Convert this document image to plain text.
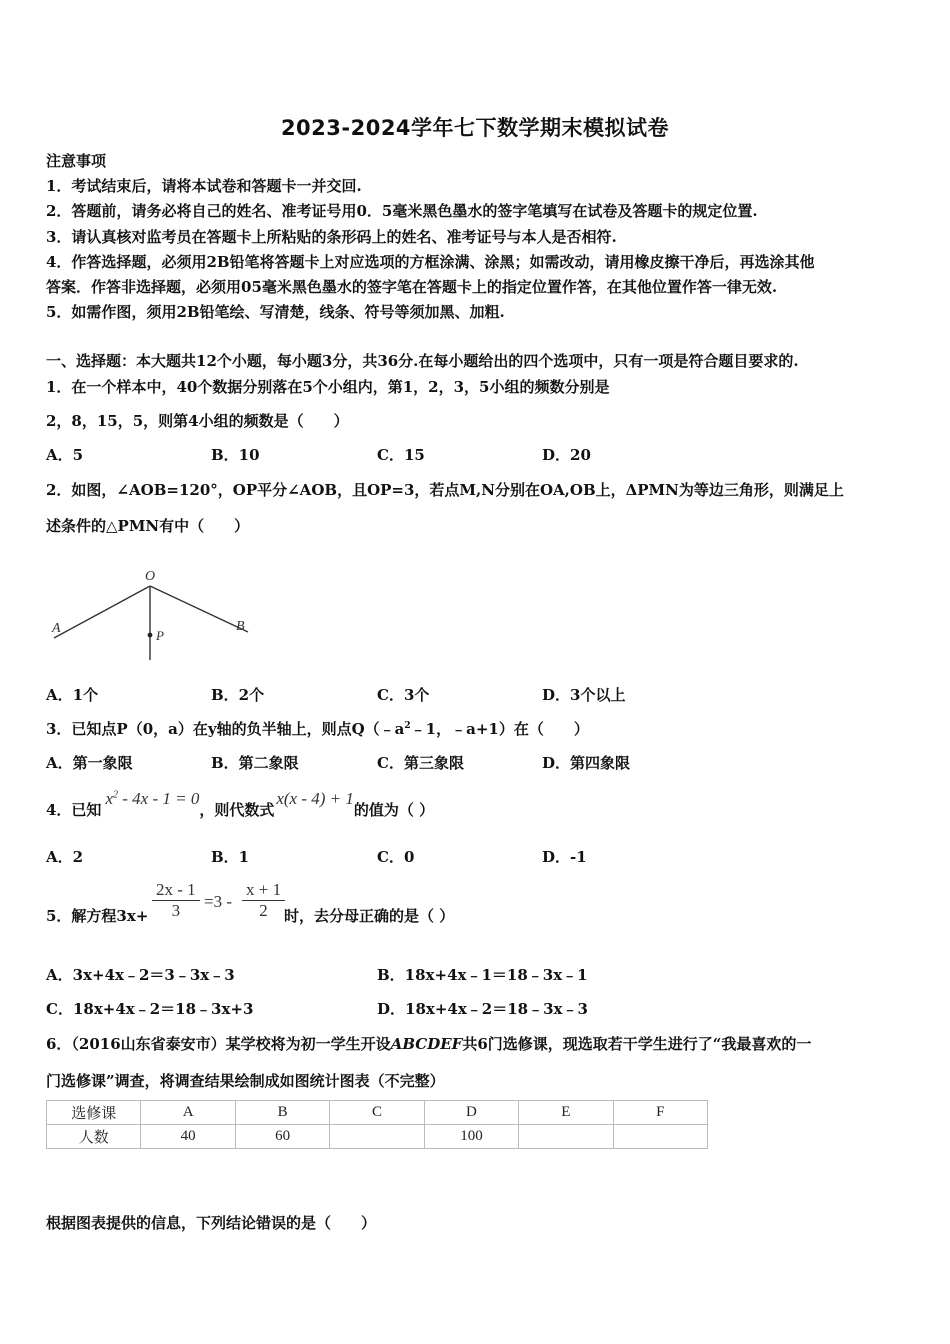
2023-2024学年七下数学期末模拟试卷
注意事项
1．考试结束后，请将本试卷和答题卡一并交回.
2．答题前，请务必将自己的姓名、准考证号用0．5毫米黑色墨水的签字笔填写在试卷及答题卡的规定位置.
3．请认真核对监考员在答题卡上所粘贴的条形码上的姓名、准考证号与本人是否相符.
4．作答选择题，必须用2B铅笔将答题卡上对应选项的方框涂满、涂黑；如需改动，请用橡皮擦干净后，再选涂其他
答案．作答非选择题，必须用05毫米黑色墨水的签字笔在答题卡上的指定位置作答，在其他位置作答一律无效.
5．如需作图，须用2B铅笔绘、写清楚，线条、符号等须加黑、加粗.
一、选择题：本大题共12个小题，每小题3分，共36分.在每小题给出的四个选项中，只有一项是符合题目要求的.
1．在一个样本中，40个数据分别落在5个小组内，第1，2，3，5小组的频数分别是
2，8，15，5，则第4小组的频数是（　　）
A．5	B．10	C．15	D．20
2．如图，∠AOB=120°，OP平分∠AOB，且OP=3，若点M,N分别在OA,OB上，ΔPMN为等边三角形，则满足上
述条件的△PMN有中（　　）
O
A	B
P
A．1个	B．2个	C．3个	D．3个以上
3．已知点P（0，a）在y轴的负半轴上，则点$Q(﹣a^2﹣1$，﹣a+1）在（　　）
A．第一象限	B．第二象限	C．第三象限	D．第四象限
4．已知$x^2 - 4x - 1 = 0$，则代数式x(x - 4) + 1的值为（ ）
A．2	B．1	C．0	D．-1
5．解方程$3x+ \frac{2x - 1}{3} =3 - \frac{x + 1}{2}$
时，去分母正确的是（ ）
A．3x+4x﹣2＝3﹣3x﹣3	B．18x+4x﹣1＝18﹣3x﹣1
C．18x+4x﹣2＝18﹣3x+3	D．18x+4x﹣2＝18﹣3x﹣3
6．（2016山东省泰安市）某学校将为初一学生开设ABCDEF共6门选修课，现选取若干学生进行了“我最喜欢的一
门选修课”调查，将调查结果绘制成如图统计图表（不完整）
选修课	A	B	C	D	E	F
人数	40	60		100		
根据图表提供的信息，下列结论错误的是（　　）
